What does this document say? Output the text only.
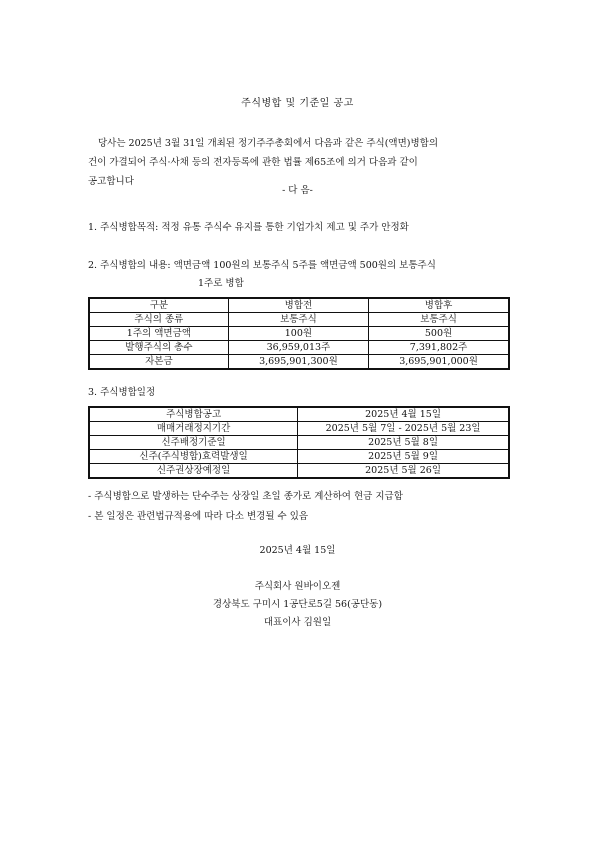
주식병합 및 기준일 공고
당사는 2025년 3월 31일 개최된 정기주주총회에서 다음과 같은 주식(액면)병합의
건이 가결되어 주식·사채 등의 전자등록에 관한 법률 제65조에 의거 다음과 같이
공고합니다
- 다 음-
1. 주식병합목적: 적정 유통 주식수 유지를 통한 기업가치 제고 및 주가 안정화
2. 주식병합의 내용: 액면금액 100원의 보통주식 5주를 액면금액 500원의 보통주식
1주로 병합
구분	병합전	병합후
주식의 종류	보통주식	보통주식
1주의 액면금액	100원	500원
발행주식의 총수	36,959,013주	7,391,802주
자본금	3,695,901,300원	3,695,901,000원
3. 주식병합일정
주식병합공고	2025년 4월 15일
매매거래정지기간	2025년 5월 7일 - 2025년 5월 23일
신주배정기준일	2025년 5월 8일
신주(주식병합)효력발생일	2025년 5월 9일
신주권상장예정일	2025년 5월 26일
- 주식병합으로 발생하는 단수주는 상장일 초일 종가로 계산하여 현금 지급함
- 본 일정은 관련법규적용에 따라 다소 변경될 수 있음
2025년 4월 15일
주식회사 원바이오젠
경상북도 구미시 1공단로5길 56(공단동)
대표이사 김원일
